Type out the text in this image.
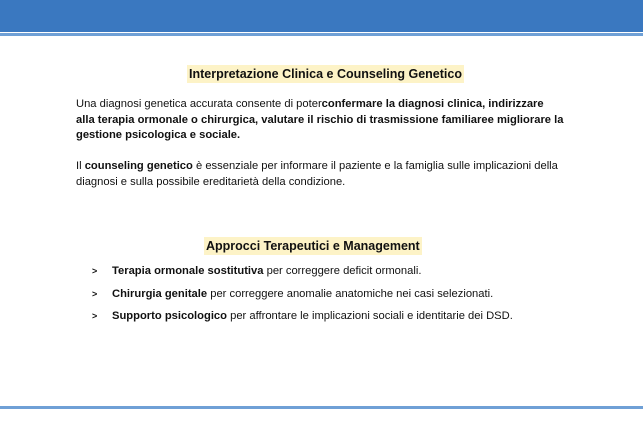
Interpretazione Clinica e Counseling Genetico
Una diagnosi genetica accurata consente di poterconfermare la diagnosi clinica, indirizzare
alla terapia ormonale o chirurgica, valutare il rischio di trasmissione familiaree migliorare la
gestione psicologica e sociale.
Il counseling genetico è essenziale per informare il paziente e la famiglia sulle implicazioni della
diagnosi e sulla possibile ereditarietà della condizione.
Approcci Terapeutici e Management
> Terapia ormonale sostitutiva per correggere deficit ormonali.
> Chirurgia genitale per correggere anomalie anatomiche nei casi selezionati.
> Supporto psicologico per affrontare le implicazioni sociali e identitarie dei DSD.
